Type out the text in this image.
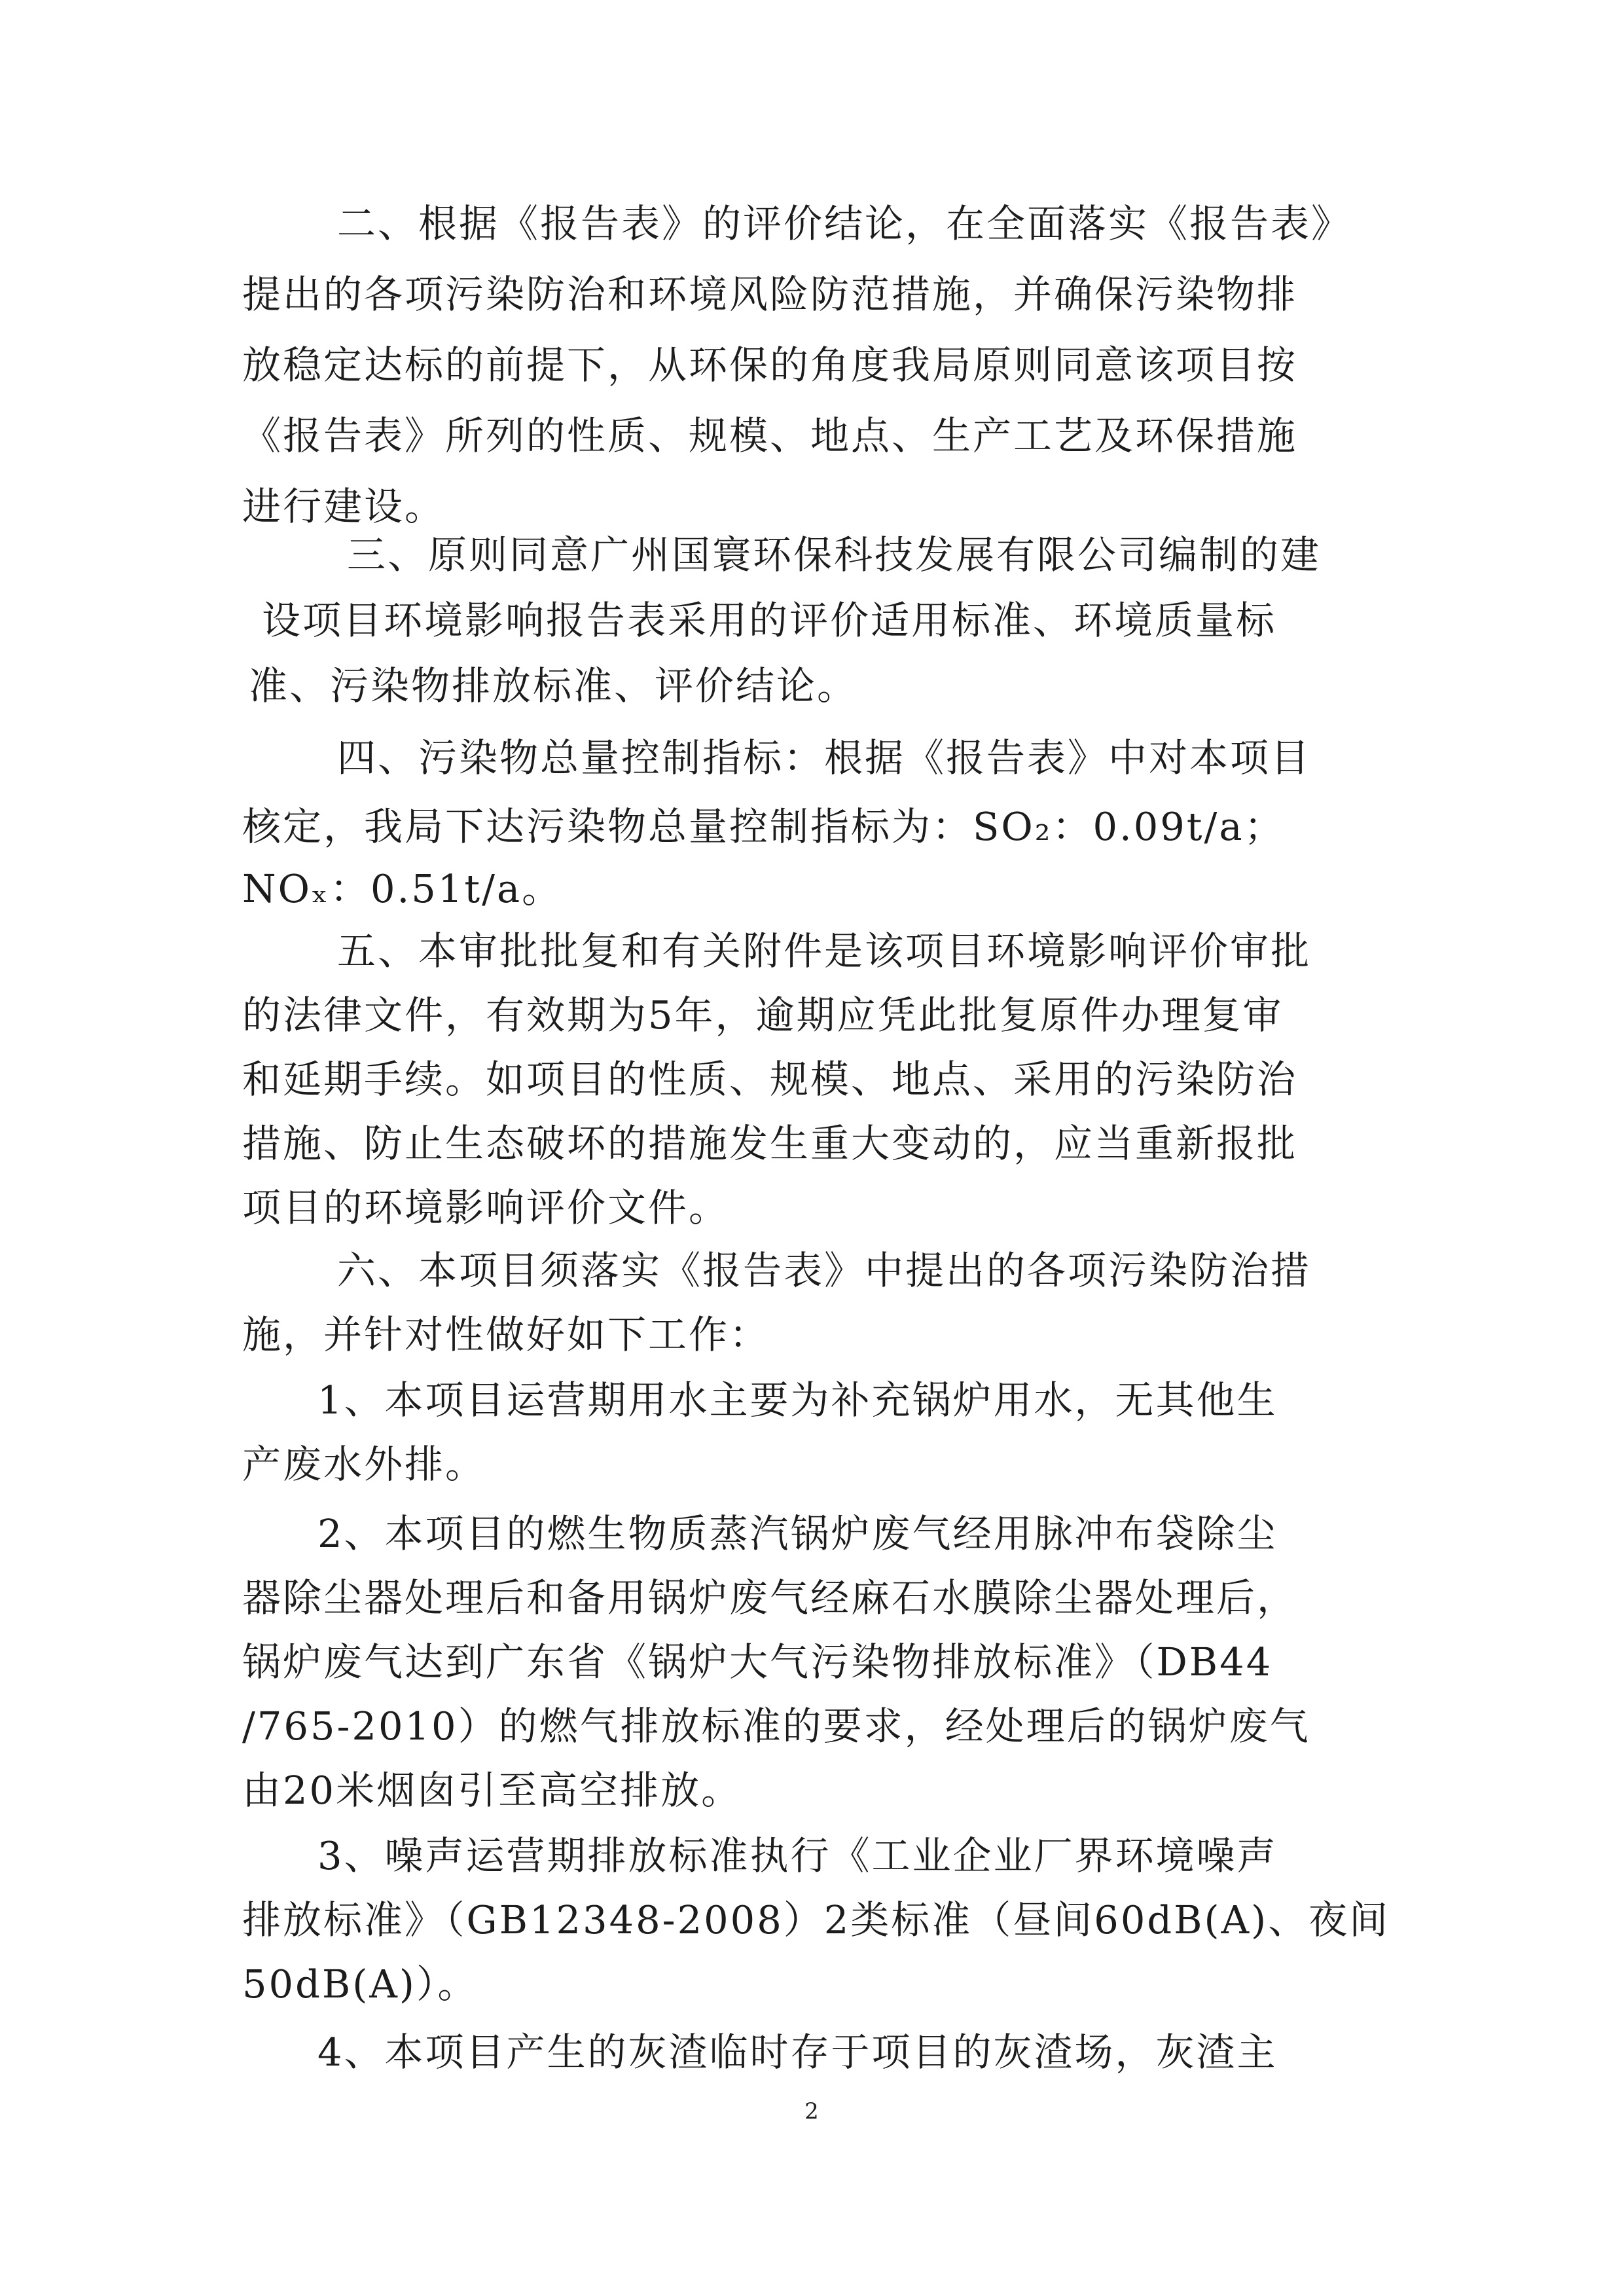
二、根据《报告表》的评价结论，在全面落实《报告表》

提出的各项污染防治和环境风险防范措施，并确保污染物排

放稳定达标的前提下，从环保的角度我局原则同意该项目按

《报告表》所列的性质、规模、地点、生产工艺及环保措施

进行建设。

三、原则同意广州国寰环保科技发展有限公司编制的建

设项目环境影响报告表采用的评价适用标准、环境质量标

准、污染物排放标准、评价结论。

四、污染物总量控制指标：根据《报告表》中对本项目

核定，我局下达污染物总量控制指标为：SO₂：0.09t/a；

NOₓ：0.51t/a。

五、本审批批复和有关附件是该项目环境影响评价审批

的法律文件，有效期为5年，逾期应凭此批复原件办理复审

和延期手续。如项目的性质、规模、地点、采用的污染防治

措施、防止生态破坏的措施发生重大变动的，应当重新报批

项目的环境影响评价文件。

六、本项目须落实《报告表》中提出的各项污染防治措

施，并针对性做好如下工作：

1、本项目运营期用水主要为补充锅炉用水，无其他生

产废水外排。

2、本项目的燃生物质蒸汽锅炉废气经用脉冲布袋除尘

器除尘器处理后和备用锅炉废气经麻石水膜除尘器处理后，

锅炉废气达到广东省《锅炉大气污染物排放标准》（DB44

/765-2010）的燃气排放标准的要求，经处理后的锅炉废气

由20米烟囱引至高空排放。

3、噪声运营期排放标准执行《工业企业厂界环境噪声

排放标准》（GB12348-2008）2类标准（昼间60dB(A)、夜间

50dB(A)）。

4、本项目产生的灰渣临时存于项目的灰渣场，灰渣主

2
